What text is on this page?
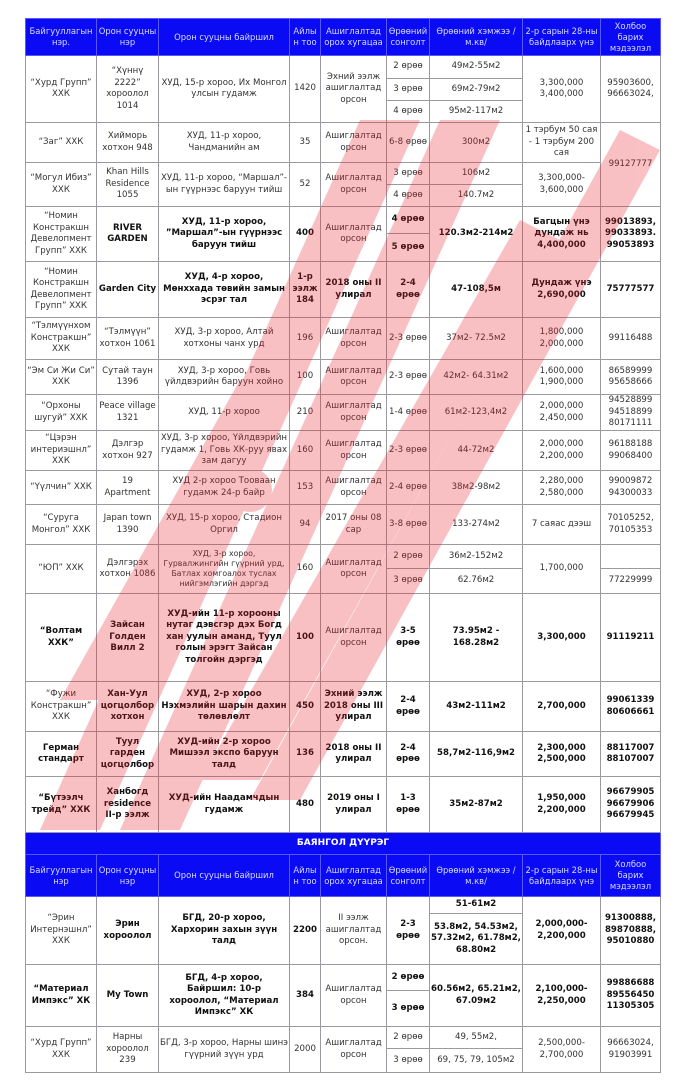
Байгууллагын нэр.	Орон сууцны нэр	Орон сууцны байршил	Айлын тоо	Ашиглалтад орох хугацаа	Өрөөний сонголт	Өрөөний хэмжээ /м.кв/	2-р сарын 28-ны байдлаарх үнэ	Холбоо барих мэдээлэл
“Хурд Групп” ХХК	“Хүннү 2222” хороолол 1014	ХУД, 15-р хороо, Их Монгол улсын гудамж	1420	Эхний ээлж ашиглалтад орсон	2 өрөө	49м2-55м2	3,300,000 3,400,000	95903600, 96663024,
					3 өрөө	69м2-79м2		
					4 өрөө	95м2-117м2		
“Заг” ХХК	Хийморь хотхон 948	ХУД, 11-р хороо, Чандманийн ам	35	Ашиглалтад орсон	6-8 өрөө	300м2	1 тэрбум 50 сая - 1 тэрбум 200 сая	99127777
“Могул Ибиз” ХХК	Khan Hills Residence 1055	ХУД, 11-р хороо, “Маршал”-ын гүүрнээс баруун тийш	52	Ашиглалтад орсон	3 өрөө	106м2	3,300,000- 3,600,000	
					4 өрөө	140.7м2		
“Номин Констракшн Девелопмент Групп” ХХК	RIVER GARDEN	ХУД, 11-р хороо, ”Маршал”-ын гүүрнээс баруун тийш	400	Ашиглалтад орсон	4 өрөө	120.3м2-214м2	Багцын үнэ дундаж нь 4,400,000	99013893, 99033893. 99053893
					5 өрөө			
“Номин Констракшн Девелопмент Групп” ХХК	Garden City	ХУД, 4-р хороо, Мөнххада төвийн замын эсрэг тал	1-р ээлж 184	2018 оны II улирал	2-4 өрөө	47-108,5м	Дундаж үнэ 2,690,000	75777577
“Тэлмүүнхом Констракшн” ХХК	“Тэлмүүн” хотхон 1061	ХУД, 3-р хороо, Алтай хотхоны чанх урд	196	Ашиглалтад орсон	2-3 өрөө	37м2- 72.5м2	1,800,000 2,000,000	99116488
“Эм Си Жи Си” ХХК	Сутай таун 1396	ХУД, 3-р хороо, Говь үйлдвэрийн баруун хойно	100	Ашиглалтад орсон	2-3 өрөө	42м2- 64.31м2	1,600,000 1,900,000	86589999 95658666
“Орхоны шугуй” ХХК	Peace village 1321	ХУД, 11-р хороо	210	Ашиглалтад орсон	1-4 өрөө	61м2-123,4м2	2,000,000 2,450,000	94528899 94518899 80171111
“Цэрэн интериэшнл” ХХК	Дэлгэр хотхон 927	ХУД, 3-р хороо, Үйлдвэрийн гудамж 1, Говь ХК-руу явах зам дагуу	160	Ашиглалтад орсон	2-3 өрөө	44-72м2	2,000,000 2,200,000	96188188 99068400
“Үүлчин” ХХК	19 Apartment	ХУД 2-р хороо Тооваан гудамж 24-р байр	153	Ашиглалтад орсон	2-4 өрөө	38м2-98м2	2,280,000 2,580,000	99009872 94300033
“Суруга Монгол” ХХК	Japan town 1390	ХУД, 15-р хороо, Стадион Оргил	94	2017 оны 08 сар	3-8 өрөө	133-274м2	7 саяас дээш	70105252, 70105353
“ЮП” ХХК	Дэлгэрэх хотхон 1086	ХУД, 3-р хороо, Гурвалжингийн гүүрний урд, Батлах хомгоалох туслах нийгэмлэгийн дэргэд	160	Ашиглалтад орсон	2 өрөө	36м2-152м2	1,700,000	
					3 өрөө	62.76м2		77229999
“Волтам ХХК”	Зайсан Голден Вилл 2	ХУД-ийн 11-р хорооны нутаг дэвсгэр дэх Богд хан уулын аманд, Туул голын эрэгт Зайсан толгойн дэргэд	100	Ашиглалтад орсон	3-5 өрөө	73.95м2 - 168.28м2	3,300,000	91119211
“Фужи Констракшн” ХХК	Хан-Уул цогцолбор хотхон	ХУД, 2-р хороо Нэхмэлийн шарын дахин төлөвлөлт	450	Эхний ээлж 2018 оны III улирал	2-4 өрөө	43м2-111м2	2,700,000	99061339 80606661
Герман стандарт	Туул гарден цогцолбор	ХУД-ийн 2-р хороо Мишээл экспо баруун талд	136	2018 оны II улирал	2-4 өрөө	58,7м2-116,9м2	2,300,000 2,500,000	88117007 88107007
“Бүтээлч трейд” ХХК	Ханбогд residence II-р ээлж	ХУД-ийн Наадамчдын гудамж	480	2019 оны I улирал	1-3 өрөө	35м2-87м2	1,950,000 2,200,000	96679905 96679906 96679945
БАЯНГОЛ ДҮҮРЭГ								
Байгууллагын нэр	Орон сууцны нэр	Орон сууцны байршил	Айлын тоо	Ашиглалтад орох хугацаа	Өрөөний сонголт	Өрөөний хэмжээ /м.кв/	2-р сарын 28-ны байдлаарх үнэ	Холбоо барих мэдээлэл
“Эрин Интернэшнл” ХХК	Эрин хороолол	БГД, 20-р хороо, Хархорин захын зүүн талд	2200	II ээлж ашиглалтад орсон.	2-3 өрөө	51-61м2	2,000,000- 2,200,000	91300888, 89870888, 95010880
						53.8м2, 54.53м2, 57.32м2, 61.78м2, 68.80м2		
“Материал Импэкс” ХК	My Town	БГД, 4-р хороо, Байршил: 10-р хороолол, “Материал Импэкс” ХК	384	Ашиглалтад орсон	2 өрөө	60.56м2, 65.21м2, 67.09м2	2,100,000- 2,250,000	99886688 89556450 11305305
					3 өрөө			
“Хурд Групп” ХХК	Нарны хороолол 239	БГД, 3-р хороо, Нарны шинэ гүүрний зүүн урд	2000	Ашиглалтад орсон	2 өрөө	49, 55м2,	2,500,000- 2,700,000	96663024, 91903991
					3 өрөө	69, 75, 79, 105м2		
